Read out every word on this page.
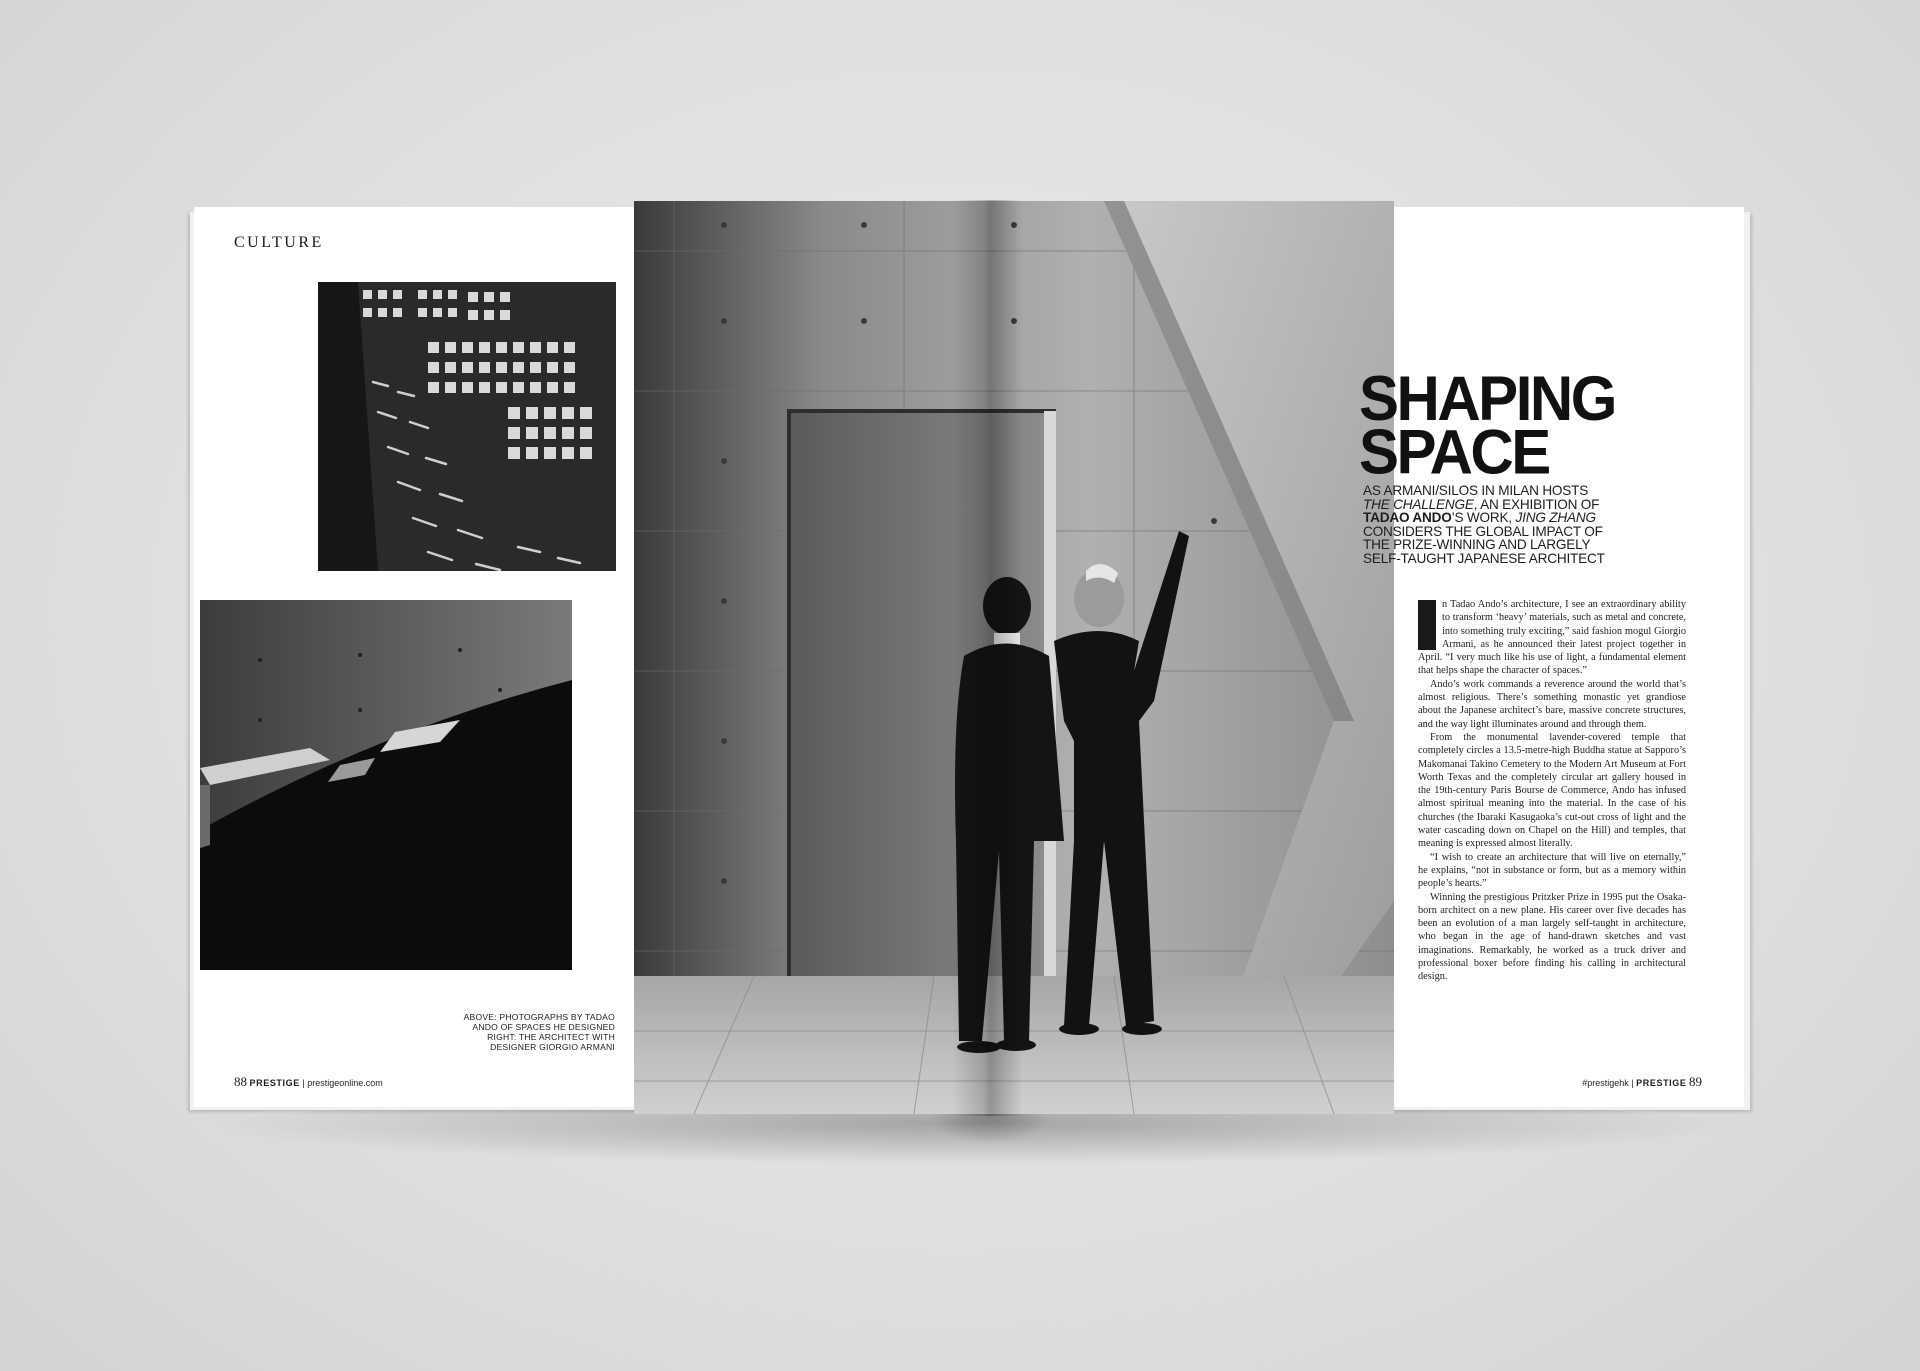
CULTURE
ABOVE: PHOTOGRAPHS BY TADAO ANDO OF SPACES HE DESIGNED RIGHT: THE ARCHITECT WITH DESIGNER GIORGIO ARMANI
88 PRESTIGE | prestigeonline.com	#prestigehk | PRESTIGE 89
SHAPING
SPACE
AS ARMANI/SILOS IN MILAN HOSTS THE CHALLENGE, AN EXHIBITION OF TADAO ANDO’S WORK, JING ZHANG CONSIDERS THE GLOBAL IMPACT OF THE PRIZE-WINNING AND LARGELY SELF-TAUGHT JAPANESE ARCHITECT

n Tadao Ando’s architecture, I see an extraordinary ability to transform ‘heavy’ materials, such as metal and concrete, into something truly exciting,” said fashion mogul Giorgio Armani, as he announced their latest project together in April. “I very much like his use of light, a fundamental element that helps shape the character of spaces.”

Ando’s work commands a reverence around the world that’s almost religious. There’s something monastic yet grandiose about the Japanese architect’s bare, massive concrete structures, and the way light illuminates around and through them.

From the monumental lavender-covered temple that completely circles a 13.5-metre-high Buddha statue at Sapporo’s Makomanai Takino Cemetery to the Modern Art Museum at Fort Worth Texas and the completely circular art gallery housed in the 19th-century Paris Bourse de Commerce, Ando has infused almost spiritual meaning into the material. In the case of his churches (the Ibaraki Kasugaoka’s cut-out cross of light and the water cascading down on Chapel on the Hill) and temples, that meaning is expressed almost literally.

“I wish to create an architecture that will live on eternally,” he explains, “not in substance or form, but as a memory within people’s hearts.”

Winning the prestigious Pritzker Prize in 1995 put the Osaka-born architect on a new plane. His career over five decades has been an evolution of a man largely self-taught in architecture, who began in the age of hand-drawn sketches and vast imaginations. Remarkably, he worked as a truck driver and professional boxer before finding his calling in architectural design.
